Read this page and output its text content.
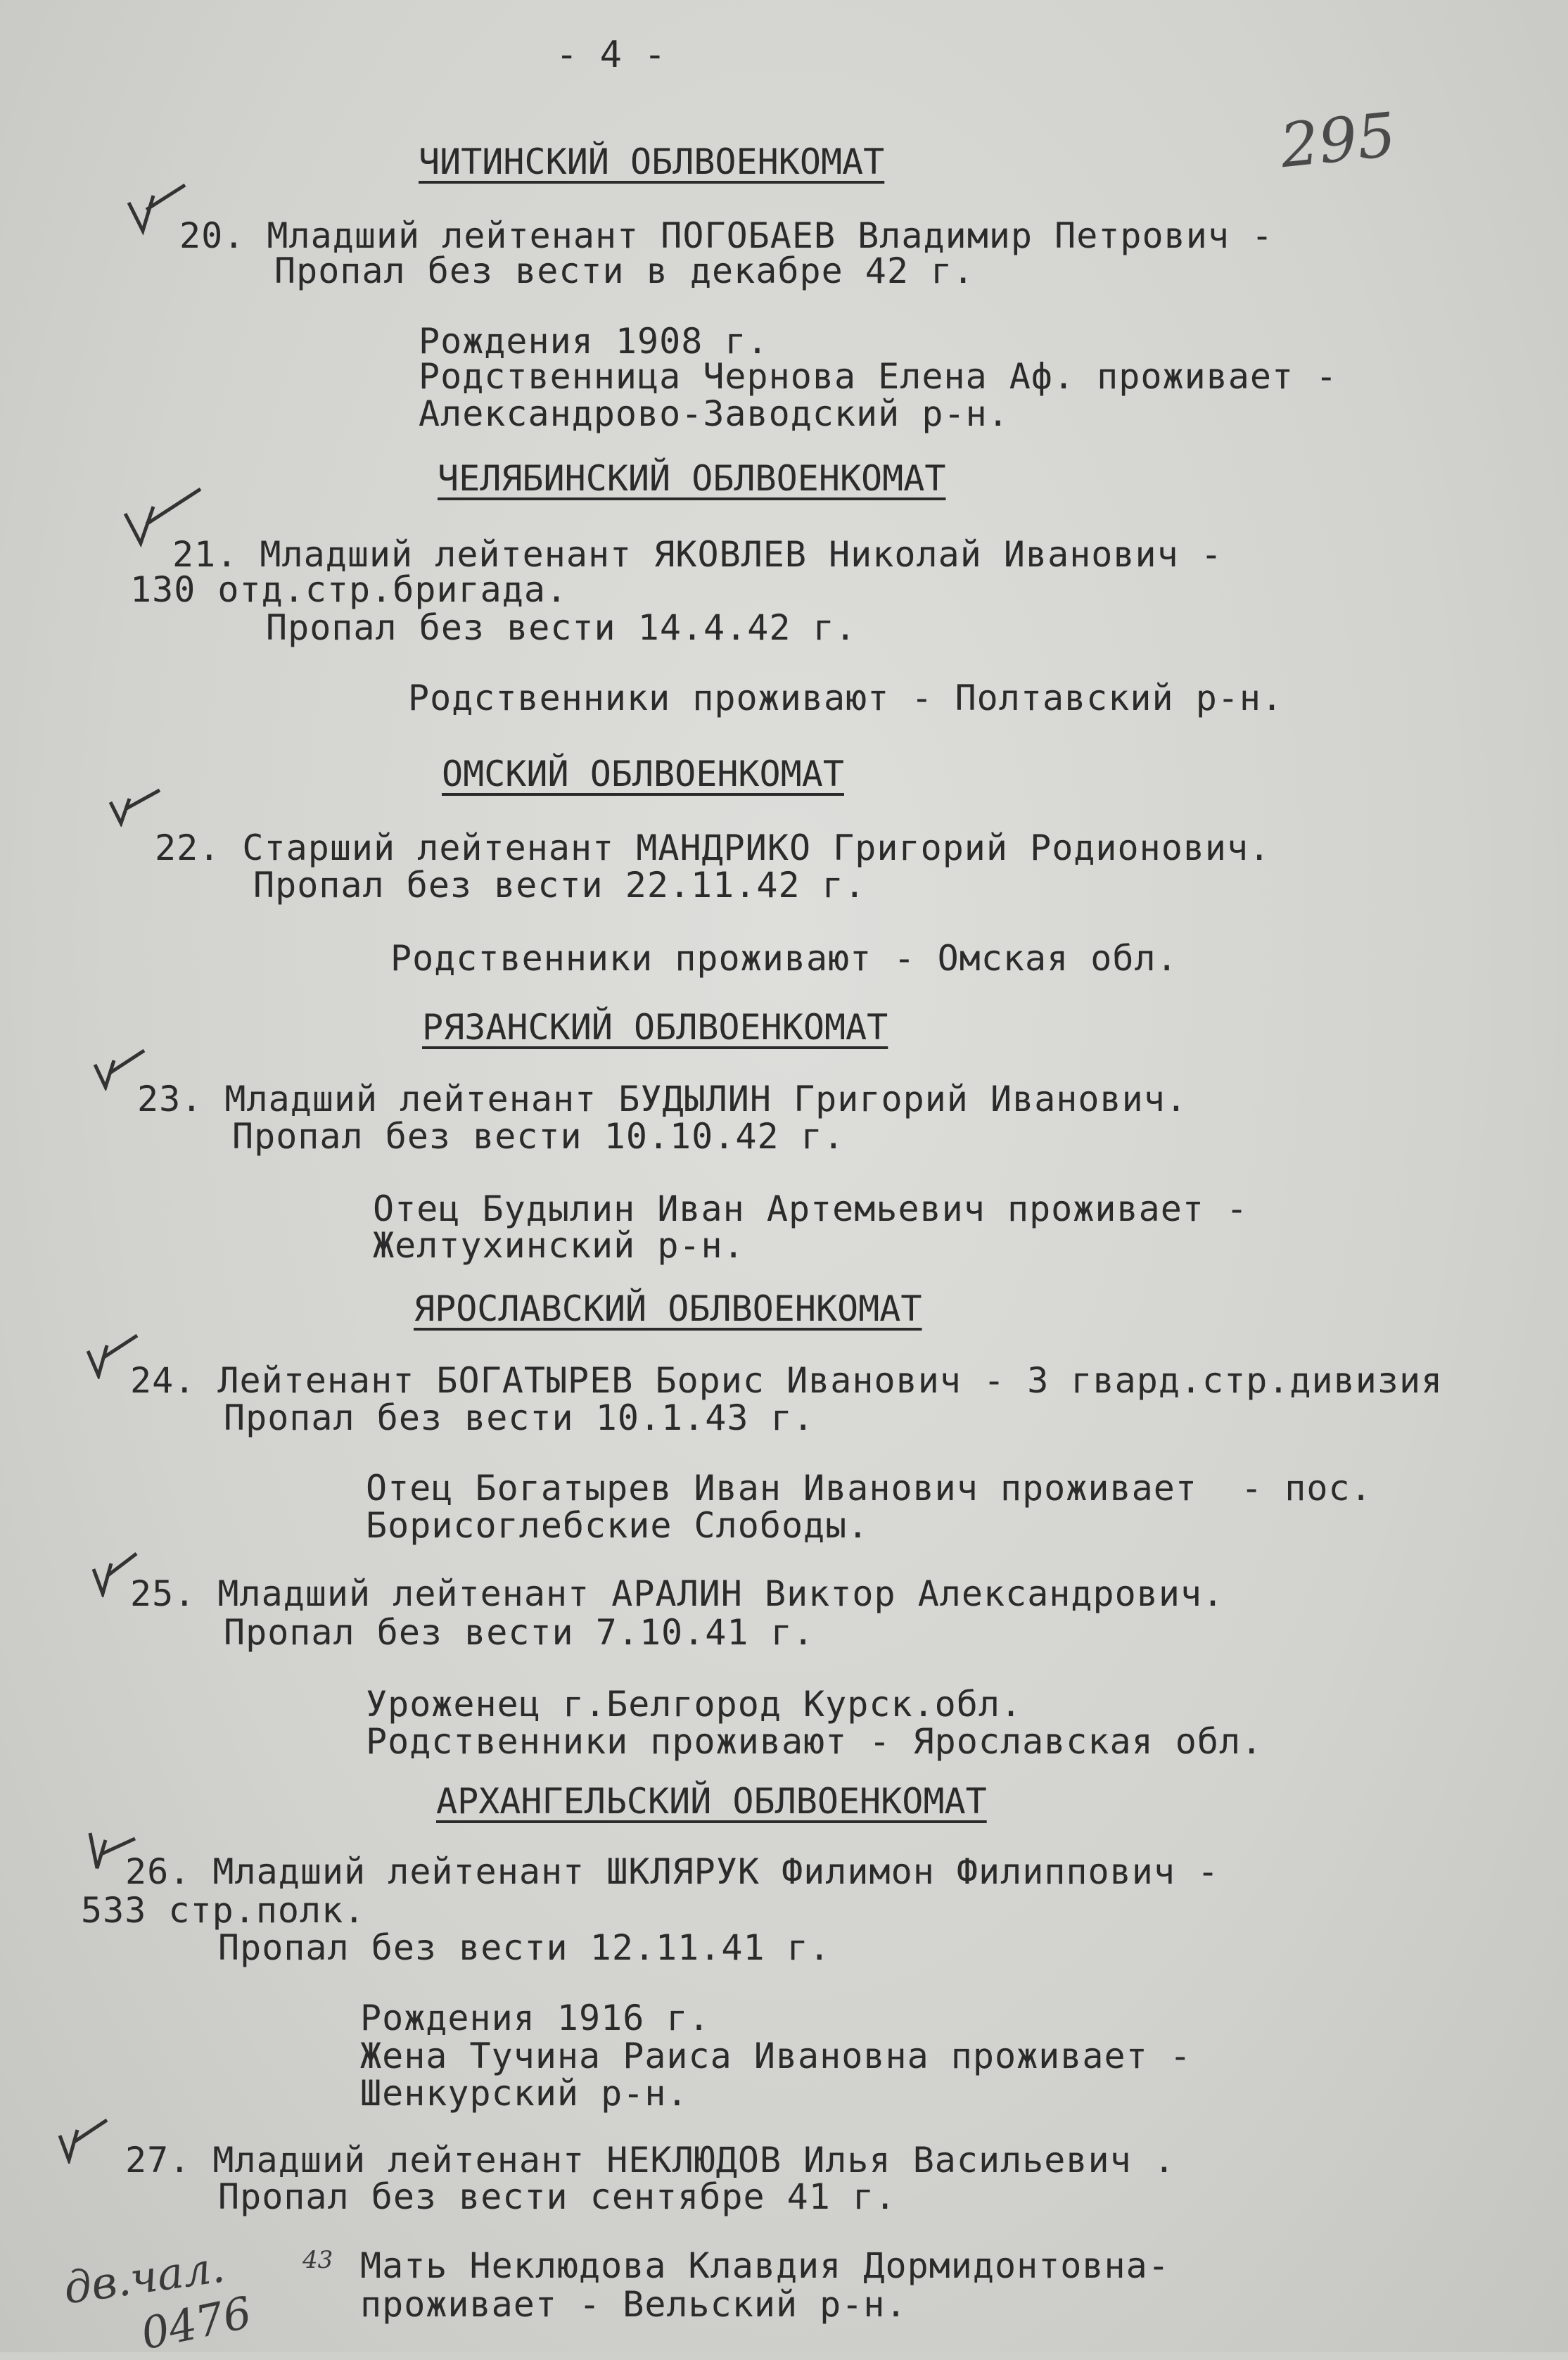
- 4 -
295
ЧИТИНСКИЙ ОБЛВОЕНКОМАТ
20. Младший лейтенант ПОГОБАЕВ Владимир Петрович -
Пропал без вести в декабре 42 г.
Рождения 1908 г.
Родственница Чернова Елена Аф. проживает -
Александрово-Заводский р-н.
ЧЕЛЯБИНСКИЙ ОБЛВОЕНКОМАТ
21. Младший лейтенант ЯКОВЛЕВ Николай Иванович -
130 отд.стр.бригада.
Пропал без вести 14.4.42 г.
Родственники проживают - Полтавский р-н.
ОМСКИЙ ОБЛВОЕНКОМАТ
22. Старший лейтенант МАНДРИКО Григорий Родионович.
Пропал без вести 22.11.42 г.
Родственники проживают - Омская обл.
РЯЗАНСКИЙ ОБЛВОЕНКОМАТ
23. Младший лейтенант БУДЫЛИН Григорий Иванович.
Пропал без вести 10.10.42 г.
Отец Будылин Иван Артемьевич проживает -
Желтухинский р-н.
ЯРОСЛАВСКИЙ ОБЛВОЕНКОМАТ
24. Лейтенант БОГАТЫРЕВ Борис Иванович - 3 гвард.стр.дивизия
Пропал без вести 10.1.43 г.
Отец Богатырев Иван Иванович проживает  - пос.
Борисоглебские Слободы.
25. Младший лейтенант АРАЛИН Виктор Александрович.
Пропал без вести 7.10.41 г.
Уроженец г.Белгород Курск.обл.
Родственники проживают - Ярославская обл.
АРХАНГЕЛЬСКИЙ ОБЛВОЕНКОМАТ
26. Младший лейтенант ШКЛЯРУК Филимон Филиппович -
533 стр.полк.
Пропал без вести 12.11.41 г.
Рождения 1916 г.
Жена Тучина Раиса Ивановна проживает -
Шенкурский р-н.
27. Младший лейтенант НЕКЛЮДОВ Илья Васильевич .
Пропал без вести сентябре 41 г.
Мать Неклюдова Клавдия Дормидонтовна-
проживает - Вельский р-н.
дв.чал.
0476
43
